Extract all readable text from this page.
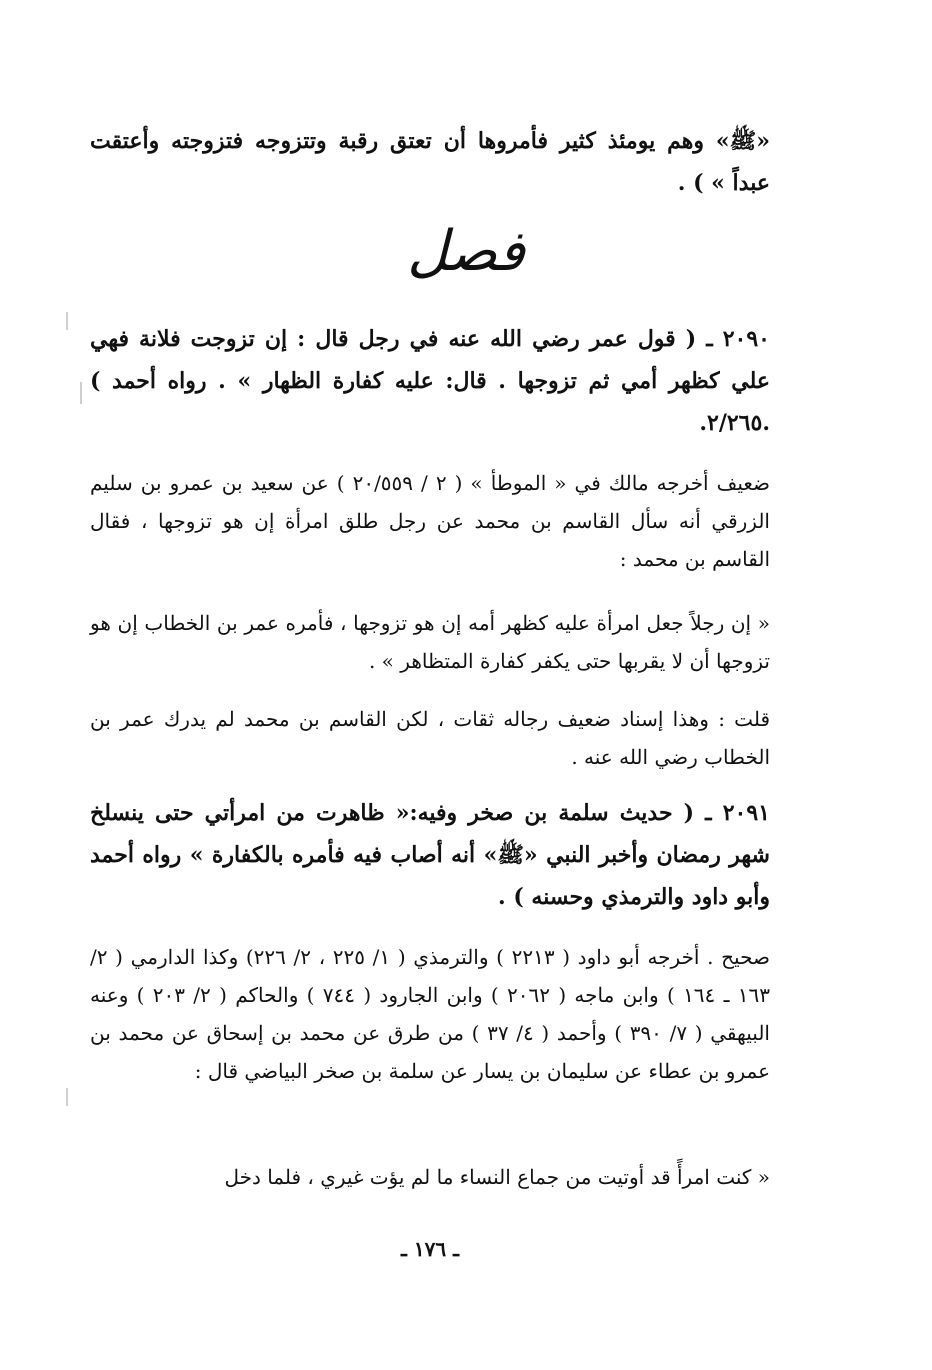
«ﷺ» وهم يومئذ كثير فأمروها أن تعتق رقبة وتتزوجه فتزوجته وأعتقت عبداً » ) .

فصل

٢٠٩٠ ـ ( قول عمر رضي الله عنه في رجل قال : إن تزوجت فلانة فهي علي كظهر أمي ثم تزوجها . قال: عليه كفارة الظهار » . رواه أحمد ) .٢/٢٦٥.

ضعيف أخرجه مالك في « الموطأ » ( ٢ / ٢٠/٥٥٩ ) عن سعيد بن عمرو بن سليم الزرقي أنه سأل القاسم بن محمد عن رجل طلق امرأة إن هو تزوجها ، فقال القاسم بن محمد :

« إن رجلاً جعل امرأة عليه كظهر أمه إن هو تزوجها ، فأمره عمر بن الخطاب إن هو تزوجها أن لا يقربها حتى يكفر كفارة المتظاهر » .

قلت : وهذا إسناد ضعيف رجاله ثقات ، لكن القاسم بن محمد لم يدرك عمر بن الخطاب رضي الله عنه .

٢٠٩١ ـ ( حديث سلمة بن صخر وفيه:« ظاهرت من امرأتي حتى ينسلخ شهر رمضان وأخبر النبي «ﷺ» أنه أصاب فيه فأمره بالكفارة » رواه أحمد وأبو داود والترمذي وحسنه ) .

صحيح . أخرجه أبو داود ( ٢٢١٣ ) والترمذي ( ١/ ٢٢٥ ، ٢/ ٢٢٦) وكذا الدارمي ( ٢/ ١٦٣ ـ ١٦٤ ) وابن ماجه ( ٢٠٦٢ ) وابن الجارود ( ٧٤٤ ) والحاكم ( ٢/ ٢٠٣ ) وعنه البيهقي ( ٧/ ٣٩٠ ) وأحمد ( ٤/ ٣٧ ) من طرق عن محمد بن إسحاق عن محمد بن عمرو بن عطاء عن سليمان بن يسار عن سلمة بن صخر البياضي قال :

« كنت امرأً قد أوتيت من جماع النساء ما لم يؤت غيري ، فلما دخل

ـ ١٧٦ ـ
